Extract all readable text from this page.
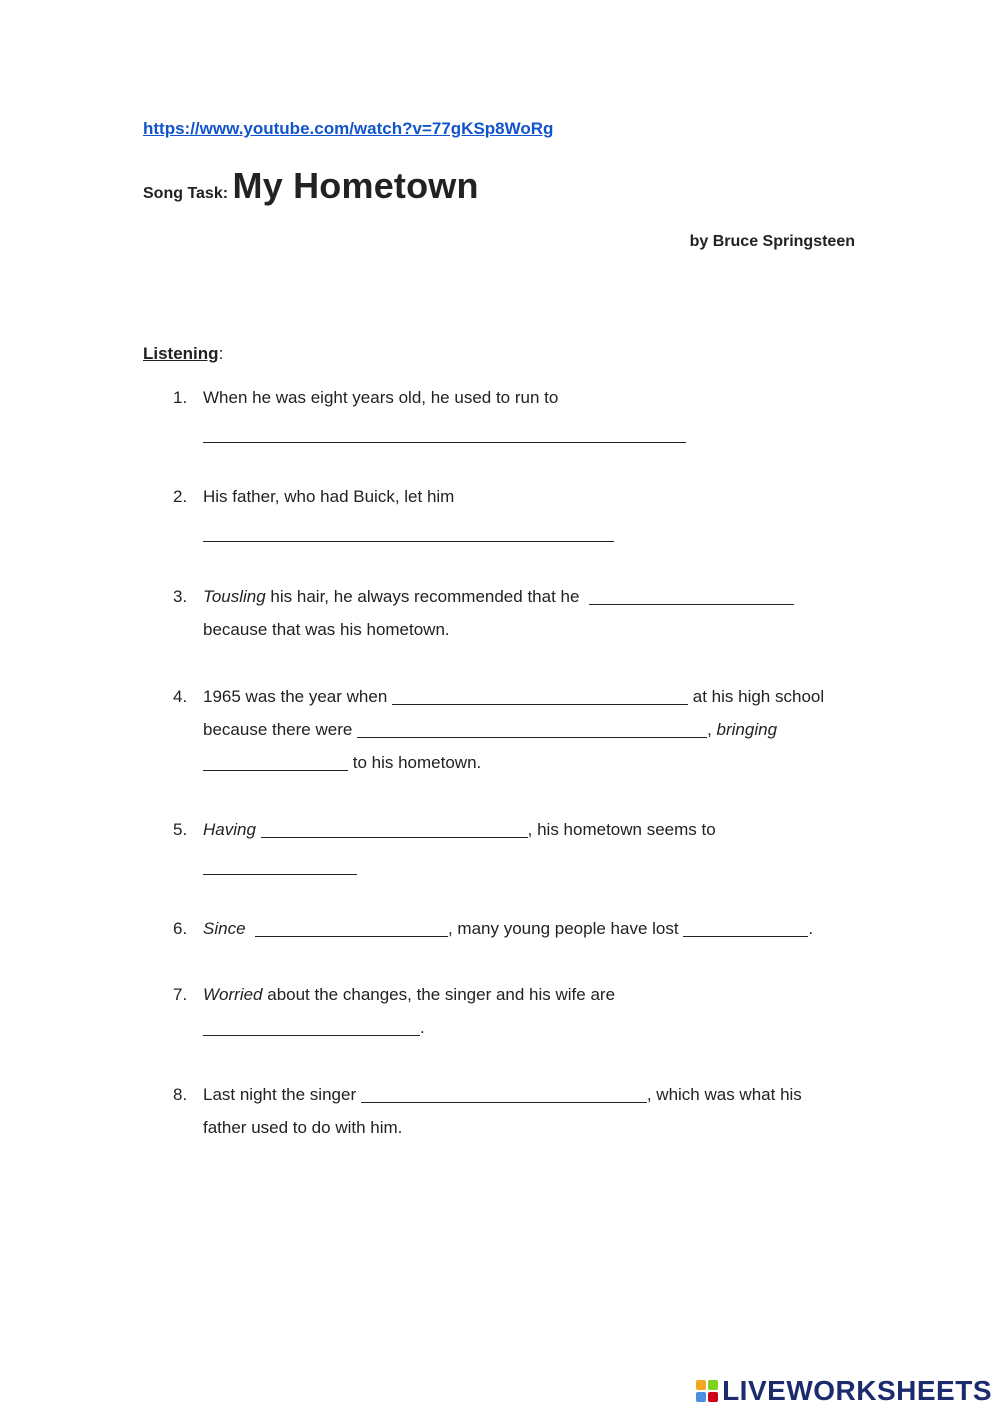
https://www.youtube.com/watch?v=77gKSp8WoRg
Song Task: My Hometown
by Bruce Springsteen
Listening:
1. When he was eight years old, he used to run to
2. His father, who had Buick, let him
3. Tousling his hair, he always recommended that he
because that was his hometown.
4. 1965 was the year when	at his high school
because there were	, bringing
to his hometown.
5. Having	, his hometown seems to
6. Since	, many young people have lost	.
7. Worried about the changes, the singer and his wife are
.
8. Last night the singer	, which was what his
father used to do with him.
LIVEWORKSHEETS
